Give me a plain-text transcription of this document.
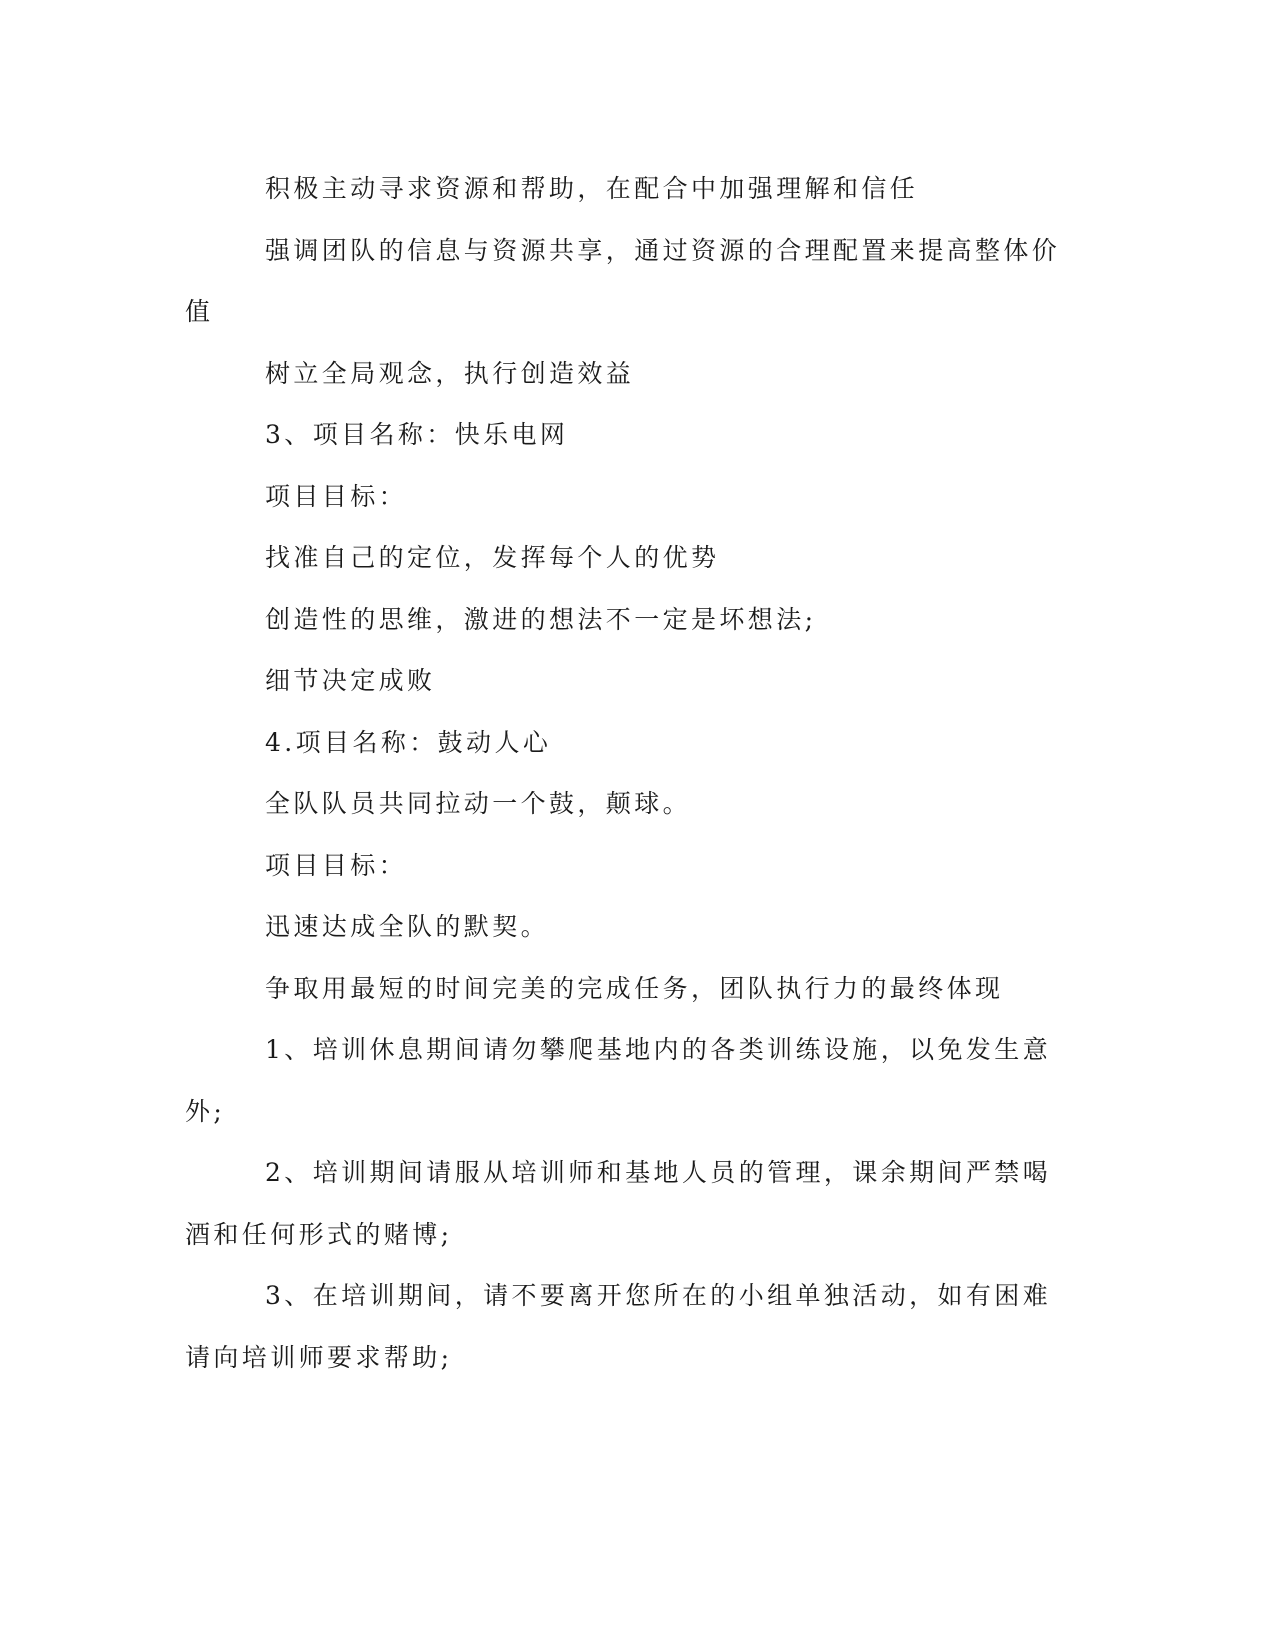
积极主动寻求资源和帮助，在配合中加强理解和信任

强调团队的信息与资源共享，通过资源的合理配置来提高整体价值

树立全局观念，执行创造效益

3、项目名称：快乐电网

项目目标：

找准自己的定位，发挥每个人的优势

创造性的思维，激进的想法不一定是坏想法;

细节决定成败

4.项目名称：鼓动人心

全队队员共同拉动一个鼓，颠球。

项目目标：

迅速达成全队的默契。

争取用最短的时间完美的完成任务，团队执行力的最终体现

1、培训休息期间请勿攀爬基地内的各类训练设施，以免发生意外;

2、培训期间请服从培训师和基地人员的管理，课余期间严禁喝酒和任何形式的赌博;

3、在培训期间，请不要离开您所在的小组单独活动，如有困难请向培训师要求帮助;
